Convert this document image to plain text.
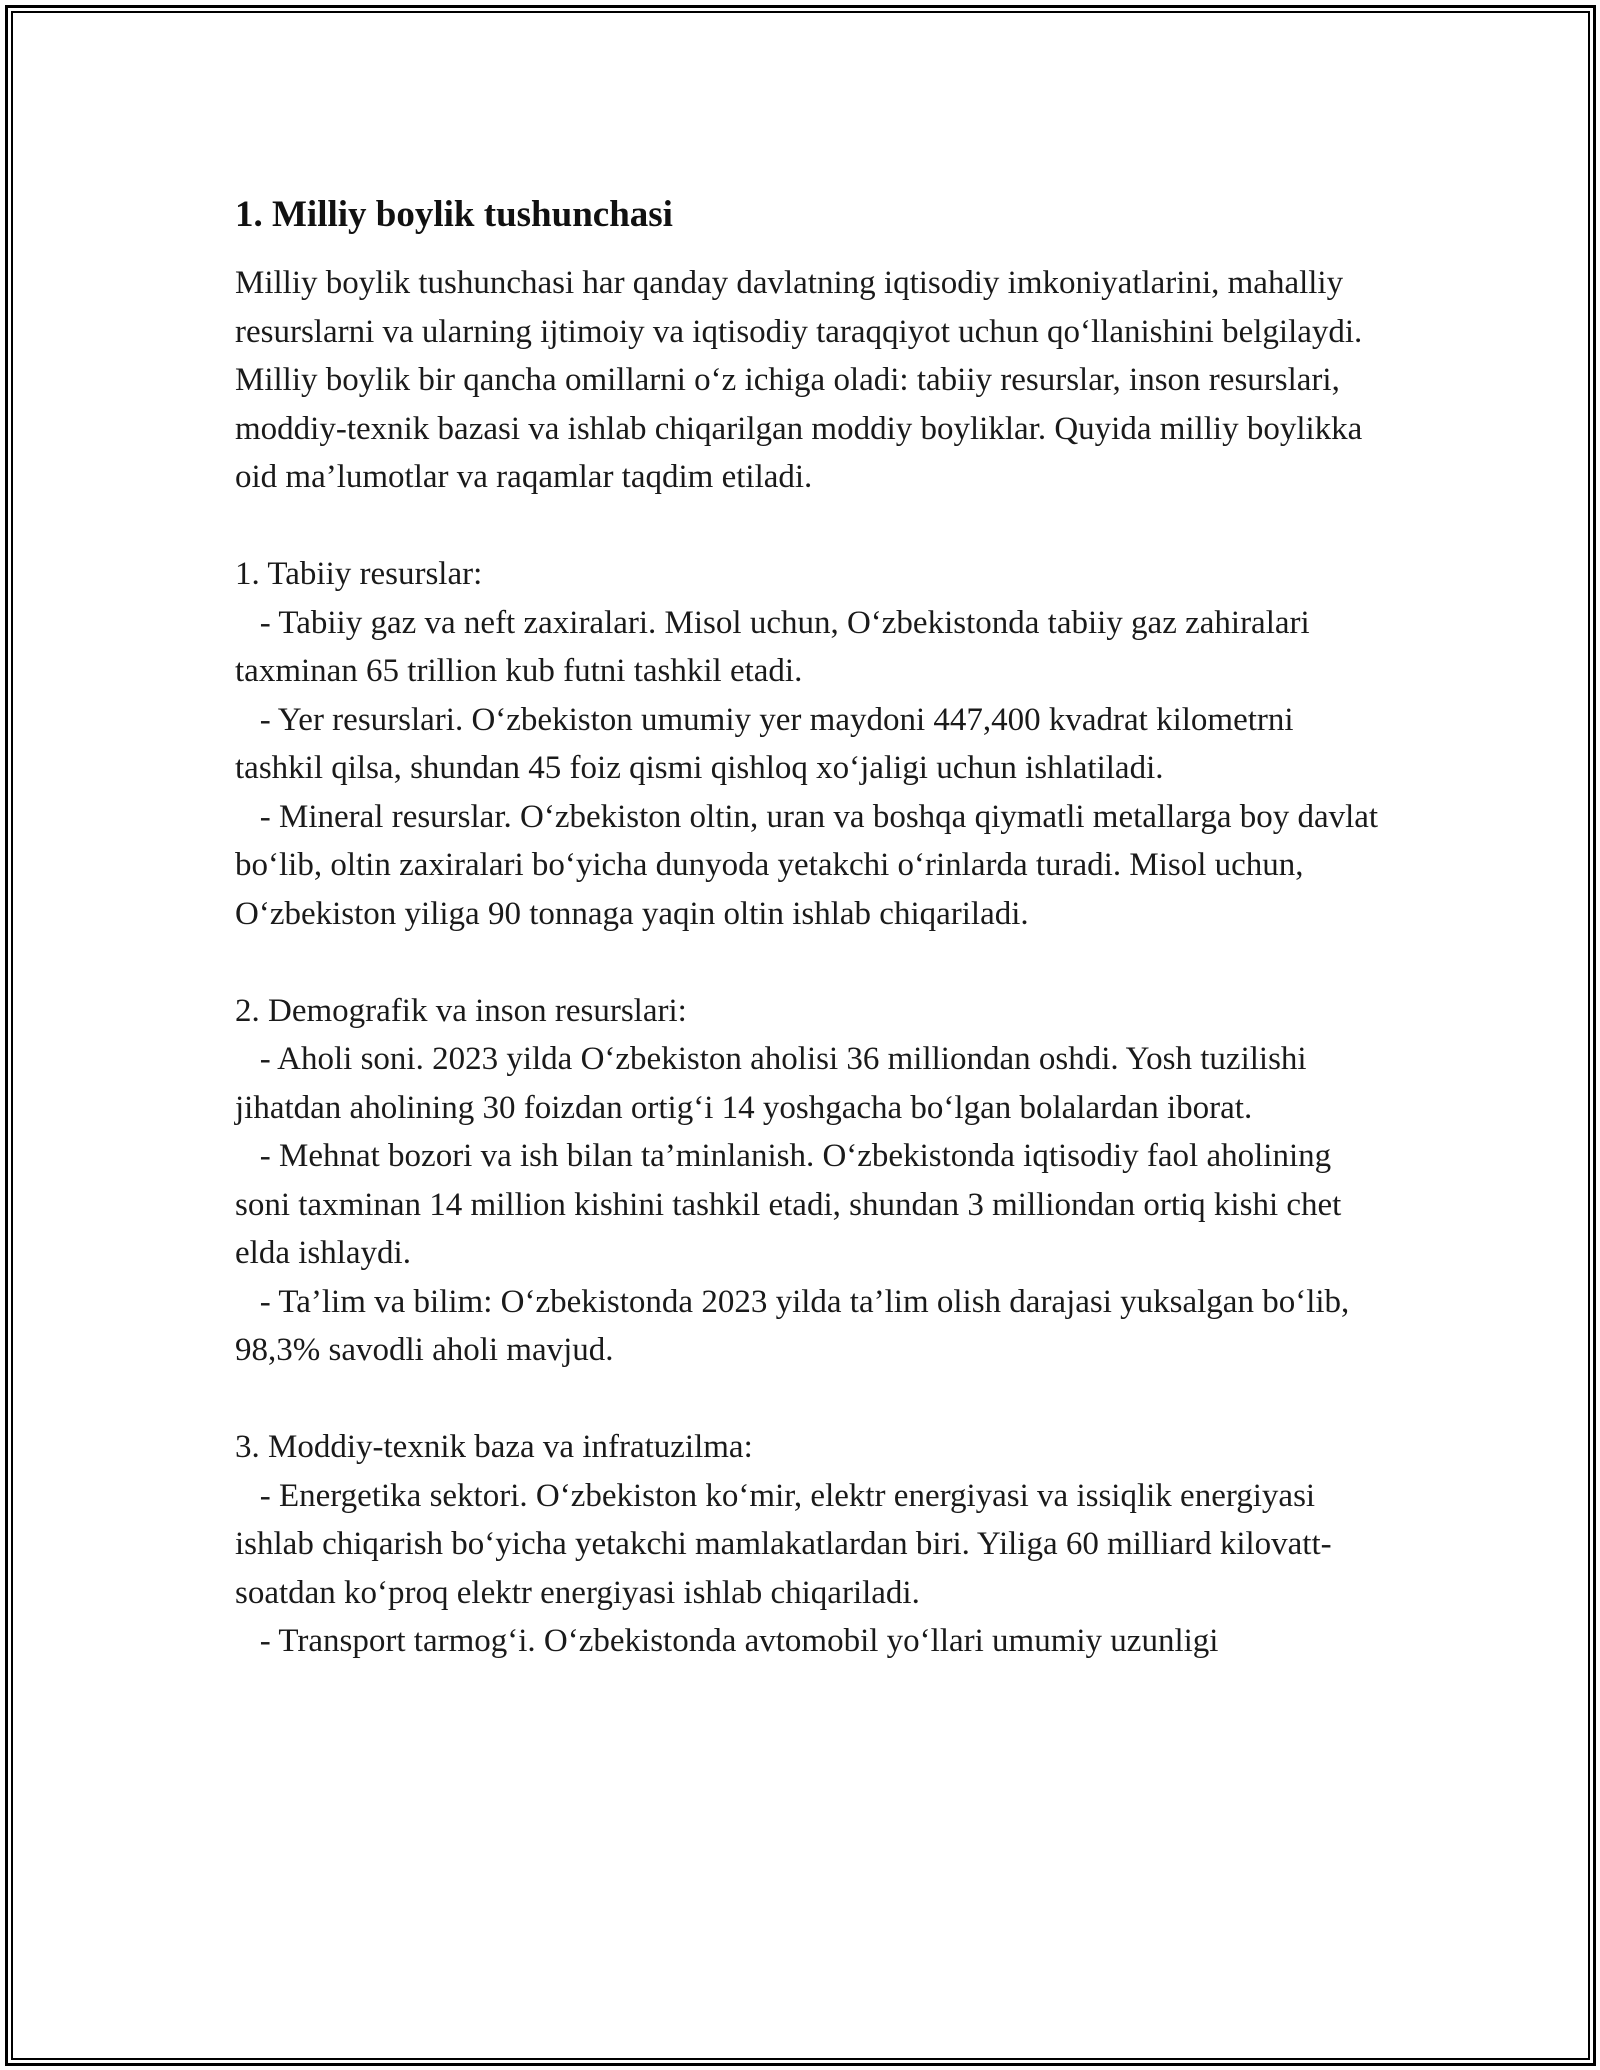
1. Milliy boylik tushunchasi

Milliy boylik tushunchasi har qanday davlatning iqtisodiy imkoniyatlarini, mahalliy resurslarni va ularning ijtimoiy va iqtisodiy taraqqiyot uchun qo‘llanishini belgilaydi. Milliy boylik bir qancha omillarni o‘z ichiga oladi: tabiiy resurslar, inson resurslari, moddiy-texnik bazasi va ishlab chiqarilgan moddiy boyliklar. Quyida milliy boylikka oid ma’lumotlar va raqamlar taqdim etiladi.

1. Tabiiy resurslar:

- Tabiiy gaz va neft zaxiralari. Misol uchun, O‘zbekistonda tabiiy gaz zahiralari taxminan 65 trillion kub futni tashkil etadi.

- Yer resurslari. O‘zbekiston umumiy yer maydoni 447,400 kvadrat kilometrni tashkil qilsa, shundan 45 foiz qismi qishloq xo‘jaligi uchun ishlatiladi.

- Mineral resurslar. O‘zbekiston oltin, uran va boshqa qiymatli metallarga boy davlat bo‘lib, oltin zaxiralari bo‘yicha dunyoda yetakchi o‘rinlarda turadi. Misol uchun, O‘zbekiston yiliga 90 tonnaga yaqin oltin ishlab chiqariladi.

2. Demografik va inson resurslari:

- Aholi soni. 2023 yilda O‘zbekiston aholisi 36 milliondan oshdi. Yosh tuzilishi jihatdan aholining 30 foizdan ortig‘i 14 yoshgacha bo‘lgan bolalardan iborat.

- Mehnat bozori va ish bilan ta’minlanish. O‘zbekistonda iqtisodiy faol aholining soni taxminan 14 million kishini tashkil etadi, shundan 3 milliondan ortiq kishi chet elda ishlaydi.

- Ta’lim va bilim: O‘zbekistonda 2023 yilda ta’lim olish darajasi yuksalgan bo‘lib, 98,3% savodli aholi mavjud.

3. Moddiy-texnik baza va infratuzilma:

- Energetika sektori. O‘zbekiston ko‘mir, elektr energiyasi va issiqlik energiyasi ishlab chiqarish bo‘yicha yetakchi mamlakatlardan biri. Yiliga 60 milliard kilovatt-soatdan ko‘proq elektr energiyasi ishlab chiqariladi.

- Transport tarmog‘i. O‘zbekistonda avtomobil yo‘llari umumiy uzunligi
